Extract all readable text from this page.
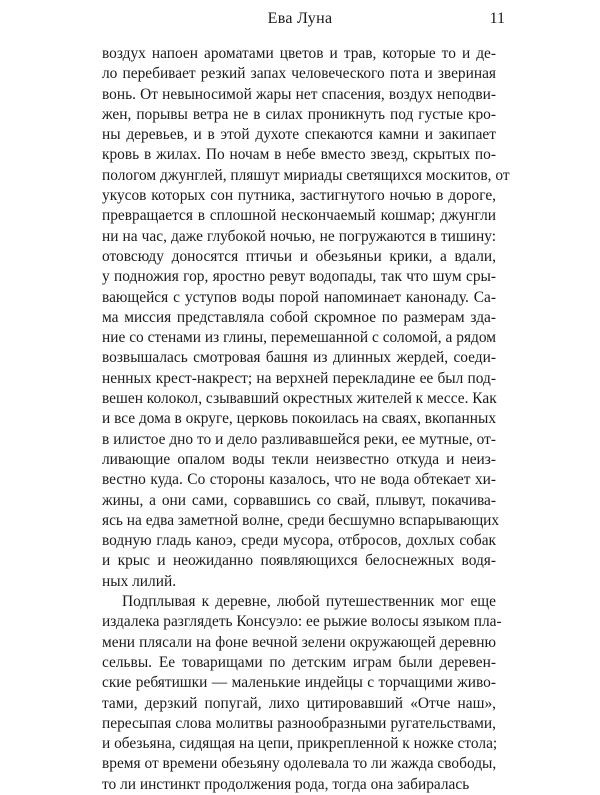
Ева Луна	11
воздух напоен ароматами цветов и трав, которые то и де-
ло перебивает резкий запах человеческого пота и звериная
вонь. От невыносимой жары нет спасения, воздух неподви-
жен, порывы ветра не в силах проникнуть под густые кро-
ны деревьев, и в этой духоте спекаются камни и закипает
кровь в жилах. По ночам в небе вместо звезд, скрытых по-
пологом джунглей, пляшут мириады светящихся москитов, от
укусов которых сон путника, застигнутого ночью в дороге,
превращается в сплошной нескончаемый кошмар; джунгли
ни на час, даже глубокой ночью, не погружаются в тишину:
отовсюду доносятся птичьи и обезьяньи крики, а вдали,
у подножия гор, яростно ревут водопады, так что шум сры-
вающейся с уступов воды порой напоминает канонаду. Са-
ма миссия представляла собой скромное по размерам зда-
ние со стенами из глины, перемешанной с соломой, а рядом
возвышалась смотровая башня из длинных жердей, соеди-
ненных крест-накрест; на верхней перекладине ее был под-
вешен колокол, сзывавший окрестных жителей к мессе. Как
и все дома в округе, церковь покоилась на сваях, вкопанных
в илистое дно то и дело разливавшейся реки, ее мутные, от-
ливающие опалом воды текли неизвестно откуда и неиз-
вестно куда. Со стороны казалось, что не вода обтекает хи-
жины, а они сами, сорвавшись со свай, плывут, покачива-
ясь на едва заметной волне, среди бесшумно вспарывающих
водную гладь каноэ, среди мусора, отбросов, дохлых собак
и крыс и неожиданно появляющихся белоснежных водя-
ных лилий.
Подплывая к деревне, любой путешественник мог еще
издалека разглядеть Консуэло: ее рыжие волосы языком пла-
мени плясали на фоне вечной зелени окружающей деревню
сельвы. Ее товарищами по детским играм были деревен-
ские ребятишки — маленькие индейцы с торчащими живо-
тами, дерзкий попугай, лихо цитировавший «Отче наш»,
пересыпая слова молитвы разнообразными ругательствами,
и обезьяна, сидящая на цепи, прикрепленной к ножке стола;
время от времени обезьяну одолевала то ли жажда свободы,
то ли инстинкт продолжения рода, тогда она забиралась
